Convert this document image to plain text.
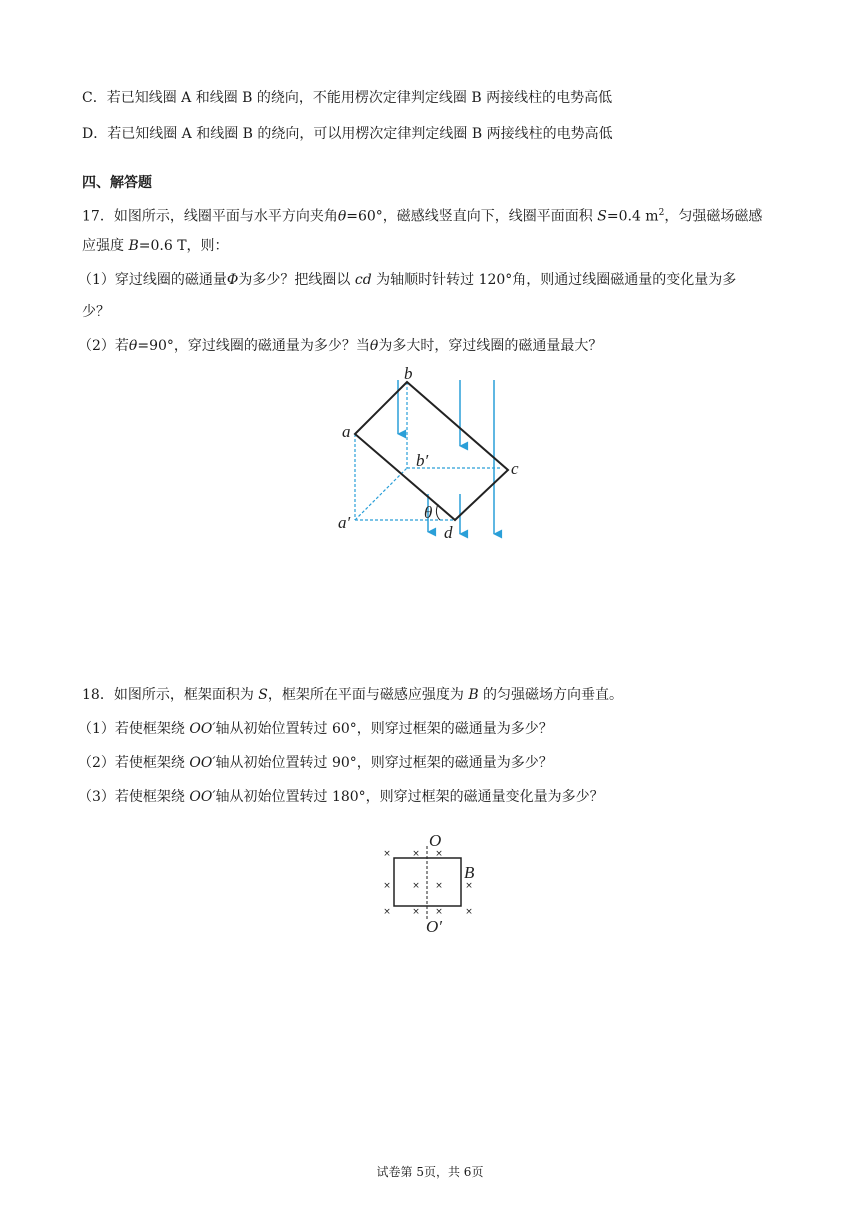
C．若已知线圈 A 和线圈 B 的绕向，不能用楞次定律判定线圈 B 两接线柱的电势高低
D．若已知线圈 A 和线圈 B 的绕向，可以用楞次定律判定线圈 B 两接线柱的电势高低
四、解答题
17．如图所示，线圈平面与水平方向夹角θ=60°，磁感线竖直向下，线圈平面面积 S=0.4 $m^2$，匀强磁场磁感
应强度 B=0.6 T，则：
（1）穿过线圈的磁通量Φ为多少？把线圈以 cd 为轴顺时针转过 120°角，则通过线圈磁通量的变化量为多
少？
（2）若θ=90°，穿过线圈的磁通量为多少？当θ为多大时，穿过线圈的磁通量最大？
b
a
b′	c
a′
θ
d
18．如图所示，框架面积为 S，框架所在平面与磁感应强度为 B 的匀强磁场方向垂直。
（1）若使框架绕 OO′轴从初始位置转过 60°，则穿过框架的磁通量为多少？
（2）若使框架绕 OO′轴从初始位置转过 90°，则穿过框架的磁通量为多少？
（3）若使框架绕 OO′轴从初始位置转过 180°，则穿过框架的磁通量变化量为多少？
× × ×
× × × ×
× × × ×
O
B
O′
试卷第 5页，共 6页
